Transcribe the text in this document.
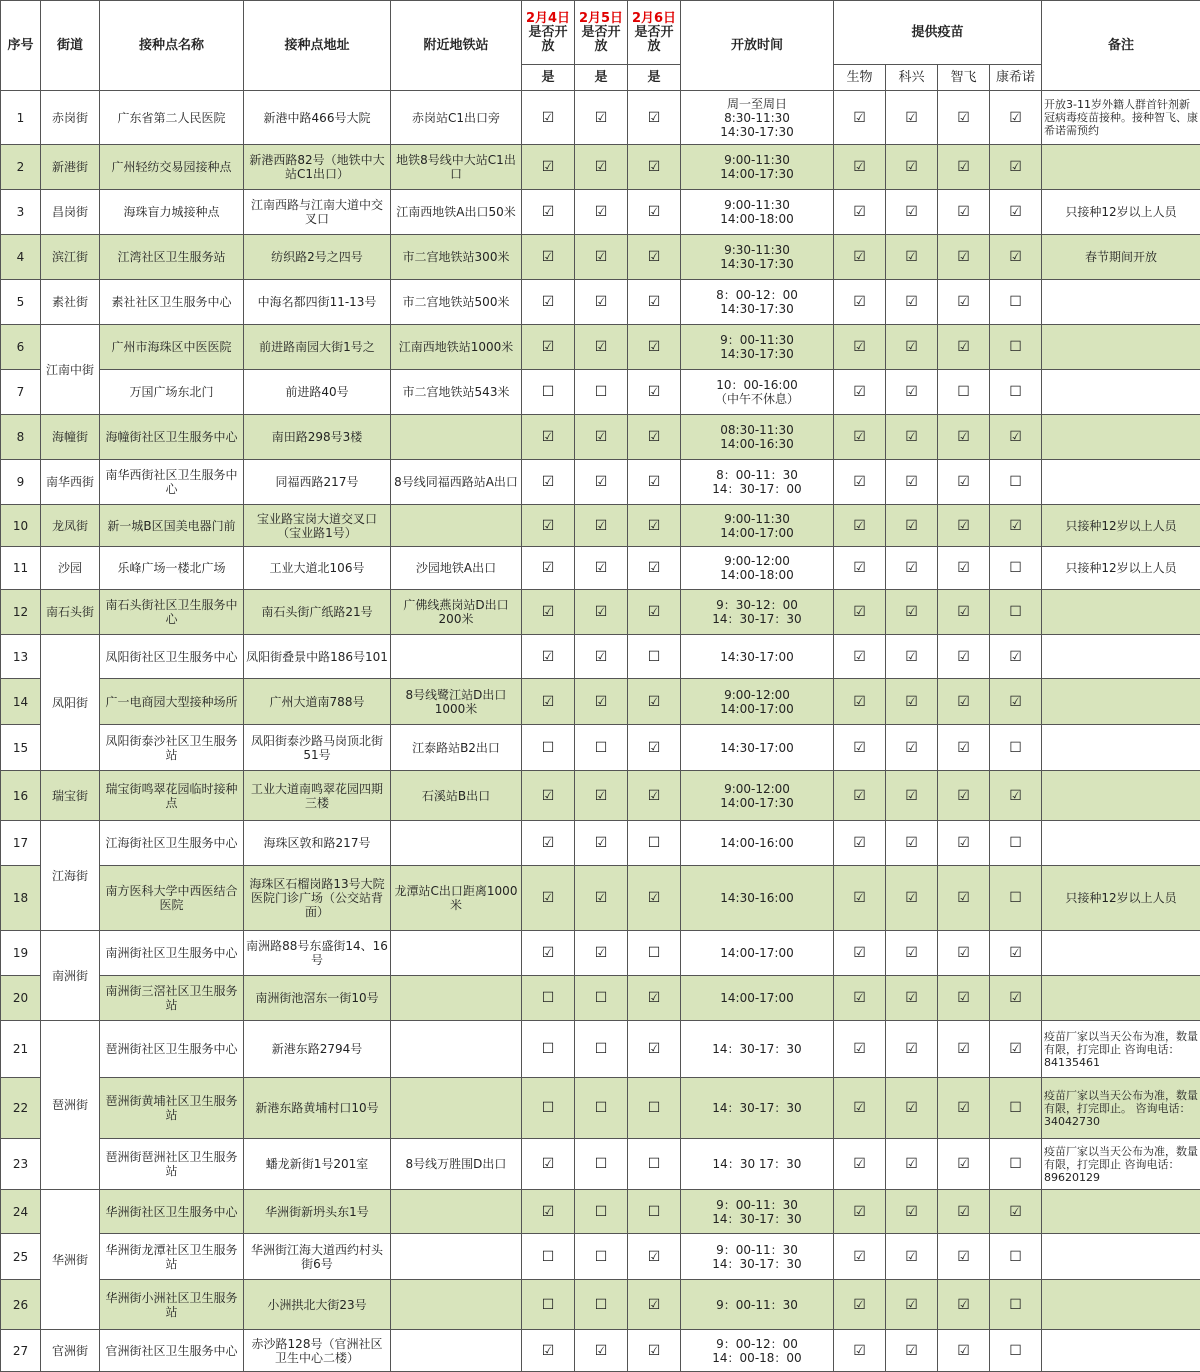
序号	街道	接种点名称	接种点地址	附近地铁站	2月4日是否开放	2月5日是否开放	2月6日是否开放	开放时间	提供疫苗				备注
					是	是	是		生物	科兴	智飞	康希诺	
1	赤岗街	广东省第二人民医院	新港中路466号大院	赤岗站C1出口旁	☑	☑	☑	周一至周日
8:30-11:30
14:30-17:30	☑	☑	☑	☑	开放3-11岁外籍人群首针剂新冠病毒疫苗接种。接种智飞、康希诺需预约
2	新港街	广州轻纺交易园接种点	新港西路82号（地铁中大站C1出口）	地铁8号线中大站C1出口	☑	☑	☑	9:00-11:30
14:00-17:30	☑	☑	☑	☑	
3	昌岗街	海珠盲力城接种点	江南西路与江南大道中交叉口	江南西地铁A出口50米	☑	☑	☑	9:00-11:30
14:00-18:00	☑	☑	☑	☑	只接种12岁以上人员
4	滨江街	江湾社区卫生服务站	纺织路2号之四号	市二宫地铁站300米	☑	☑	☑	9:30-11:30
14:30-17:30	☑	☑	☑	☑	春节期间开放
5	素社街	素社社区卫生服务中心	中海名都四街11-13号	市二宫地铁站500米	☑	☑	☑	8：00-12：00
14:30-17:30	☑	☑	☑	☐	
6	江南中街	广州市海珠区中医医院	前进路南园大街1号之	江南西地铁站1000米	☑	☑	☑	9：00-11:30
14:30-17:30	☑	☑	☑	☐	
7		万国广场东北门	前进路40号	市二宫地铁站543米	☐	☐	☑	10：00-16:00
（中午不休息）	☑	☑	☐	☐	
8	海幢街	海幢街社区卫生服务中心	南田路298号3楼		☑	☑	☑	08:30-11:30
14:00-16:30	☑	☑	☑	☑	
9	南华西街	南华西街社区卫生服务中心	同福西路217号	8号线同福西路站A出口	☑	☑	☑	8：00-11：30
14：30-17：00	☑	☑	☑	☐	
10	龙凤街	新一城B区国美电器门前	宝业路宝岗大道交叉口（宝业路1号）		☑	☑	☑	9:00-11:30
14:00-17:00	☑	☑	☑	☑	只接种12岁以上人员
11	沙园	乐峰广场一楼北广场	工业大道北106号	沙园地铁A出口	☑	☑	☑	9:00-12:00
14:00-18:00	☑	☑	☑	☐	只接种12岁以上人员
12	南石头街	南石头街社区卫生服务中心	南石头街广纸路21号	广佛线燕岗站D出口200米	☑	☑	☑	9：30-12：00
14：30-17：30	☑	☑	☑	☐	
13	凤阳街	凤阳街社区卫生服务中心	凤阳街叠景中路186号101		☑	☑	☐	14:30-17:00	☑	☑	☑	☑	
14		广一电商园大型接种场所	广州大道南788号	8号线鹭江站D出口1000米	☑	☑	☑	9:00-12:00
14:00-17:00	☑	☑	☑	☑	
15		凤阳街泰沙社区卫生服务站	凤阳街泰沙路马岗顶北街51号	江泰路站B2出口	☐	☐	☑	14:30-17:00	☑	☑	☑	☐	
16	瑞宝街	瑞宝街鸣翠花园临时接种点	工业大道南鸣翠花园四期三楼	石溪站B出口	☑	☑	☑	9:00-12:00
14:00-17:30	☑	☑	☑	☑	
17	江海街	江海街社区卫生服务中心	海珠区敦和路217号		☑	☑	☐	14:00-16:00	☑	☑	☑	☐	
18		南方医科大学中西医结合医院	海珠区石榴岗路13号大院医院门诊广场（公交站背面）	龙潭站C出口距离1000米	☑	☑	☑	14:30-16:00	☑	☑	☑	☐	只接种12岁以上人员
19	南洲街	南洲街社区卫生服务中心	南洲路88号东盛街14、16号		☑	☑	☐	14:00-17:00	☑	☑	☑	☑	
20		南洲街三滘社区卫生服务站	南洲街池滘东一街10号		☐	☐	☑	14:00-17:00	☑	☑	☑	☑	
21	琶洲街	琶洲街社区卫生服务中心	新港东路2794号		☐	☐	☑	14：30-17：30	☑	☑	☑	☑	疫苗厂家以当天公布为准，数量有限，打完即止 咨询电话：84135461
22		琶洲街黄埔社区卫生服务站	新港东路黄埔村口10号		☐	☐	☐	14：30-17：30	☑	☑	☑	☐	疫苗厂家以当天公布为准，数量有限，打完即止。 咨询电话：34042730
23		琶洲街琶洲社区卫生服务站	蟠龙新街1号201室	8号线万胜围D出口	☑	☐	☐	14：30 17：30	☑	☑	☑	☐	疫苗厂家以当天公布为准，数量有限，打完即止 咨询电话：89620129
24	华洲街	华洲街社区卫生服务中心	华洲街新坍头东1号		☑	☐	☐	9：00-11：30
14：30-17：30	☑	☑	☑	☑	
25		华洲街龙潭社区卫生服务站	华洲街江海大道西约村头街6号		☐	☐	☑	9：00-11：30
14：30-17：30	☑	☑	☑	☐	
26		华洲街小洲社区卫生服务站	小洲拱北大街23号		☐	☐	☑	9：00-11：30	☑	☑	☑	☐	
27	官洲街	官洲街社区卫生服务中心	赤沙路128号（官洲社区卫生中心二楼）		☑	☑	☑	9：00-12：00
14：00-18：00	☑	☑	☑	☐	
